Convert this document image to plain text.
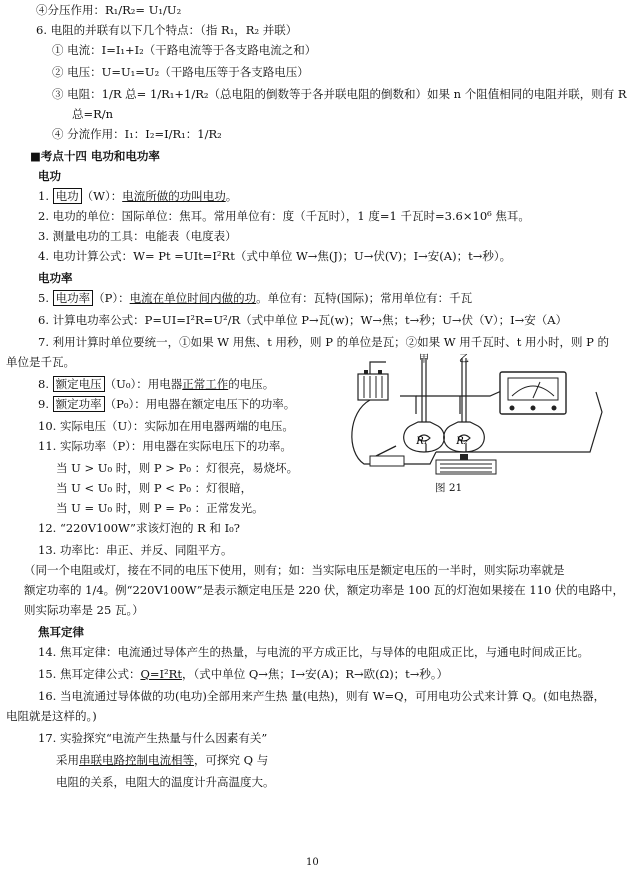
④分压作用：R₁/R₂= U₁/U₂
6. 电阻的并联有以下几个特点：（指 R₁，R₂ 并联）
① 电流：I=I₁+I₂（干路电流等于各支路电流之和）
② 电压：U=U₁=U₂（干路电压等于各支路电压）
③ 电阻：1/R 总= 1/R₁+1/R₂（总电阻的倒数等于各并联电阻的倒数和）如果 n 个阻值相同的电阻并联，则有 R
总=R/n
④ 分流作用：I₁：I₂=I/R₁：1/R₂
■考点十四 电功和电功率
电功
1. 电功 （W）：电流所做的功叫电功。
2. 电功的单位：国际单位：焦耳。常用单位有：度（千瓦时），1 度=1 千瓦时=3.6×10⁶ 焦耳。
3. 测量电功的工具：电能表（电度表）
4. 电功计算公式：W= Pt =UIt=I²Rt（式中单位 W→焦(J)；U→伏(V)；I→安(A)；t→秒）。
电功率
5. 电功率 （P）：电流在单位时间内做的功。单位有：瓦特(国际)；常用单位有：千瓦
6. 计算电功率公式：P=UI=I²R=U²/R（式中单位 P→瓦(w)；W→焦；t→秒；U→伏（V）；I→安（A）
7. 利用计算时单位要统一，①如果 W 用焦、t 用秒，则 P 的单位是瓦；②如果 W 用千瓦时、t 用小时，则 P 的
单位是千瓦。
8. 额定电压 （U₀）：用电器正常工作的电压。
9. 额定功率 （P₀）：用电器在额定电压下的功率。
10. 实际电压（U）：实际加在用电器两端的电压。
11. 实际功率（P）：用电器在实际电压下的功率。
当 U > U₀ 时，则 P > P₀ ：灯很亮，易烧坏。
当 U < U₀ 时，则 P < P₀ ：灯很暗，
当 U = U₀ 时，则 P = P₀ ：正常发光。
12. “220V100W”求该灯泡的 R 和 I₀?
13. 功率比：串正、并反、同阻平方。
（同一个电阻或灯，接在不同的电压下使用，则有；如：当实际电压是额定电压的一半时，则实际功率就是
额定功率的 1/4。例“220V100W”是表示额定电压是 220 伏，额定功率是 100 瓦的灯泡如果接在 110 伏的电路中，
则实际功率是 25 瓦。）
焦耳定律
14. 焦耳定律：电流通过导体产生的热量，与电流的平方成正比，与导体的电阻成正比，与通电时间成正比。
15. 焦耳定律公式：Q=I²Rt，（式中单位 Q→焦；I→安(A)；R→欧(Ω)；t→秒。）
16. 当电流通过导体做的功(电功)全部用来产生热 量(电热)，则有 W=Q，可用电功公式来计算 Q。(如电热器，
电阻就是这样的。)
17. 实验探究“电流产生热量与什么因素有关”
采用串联电路控制电流相等，可探究 Q 与
电阻的关系，电阻大的温度计升高温度大。
甲	乙
R₁	R₂
图 21
10
